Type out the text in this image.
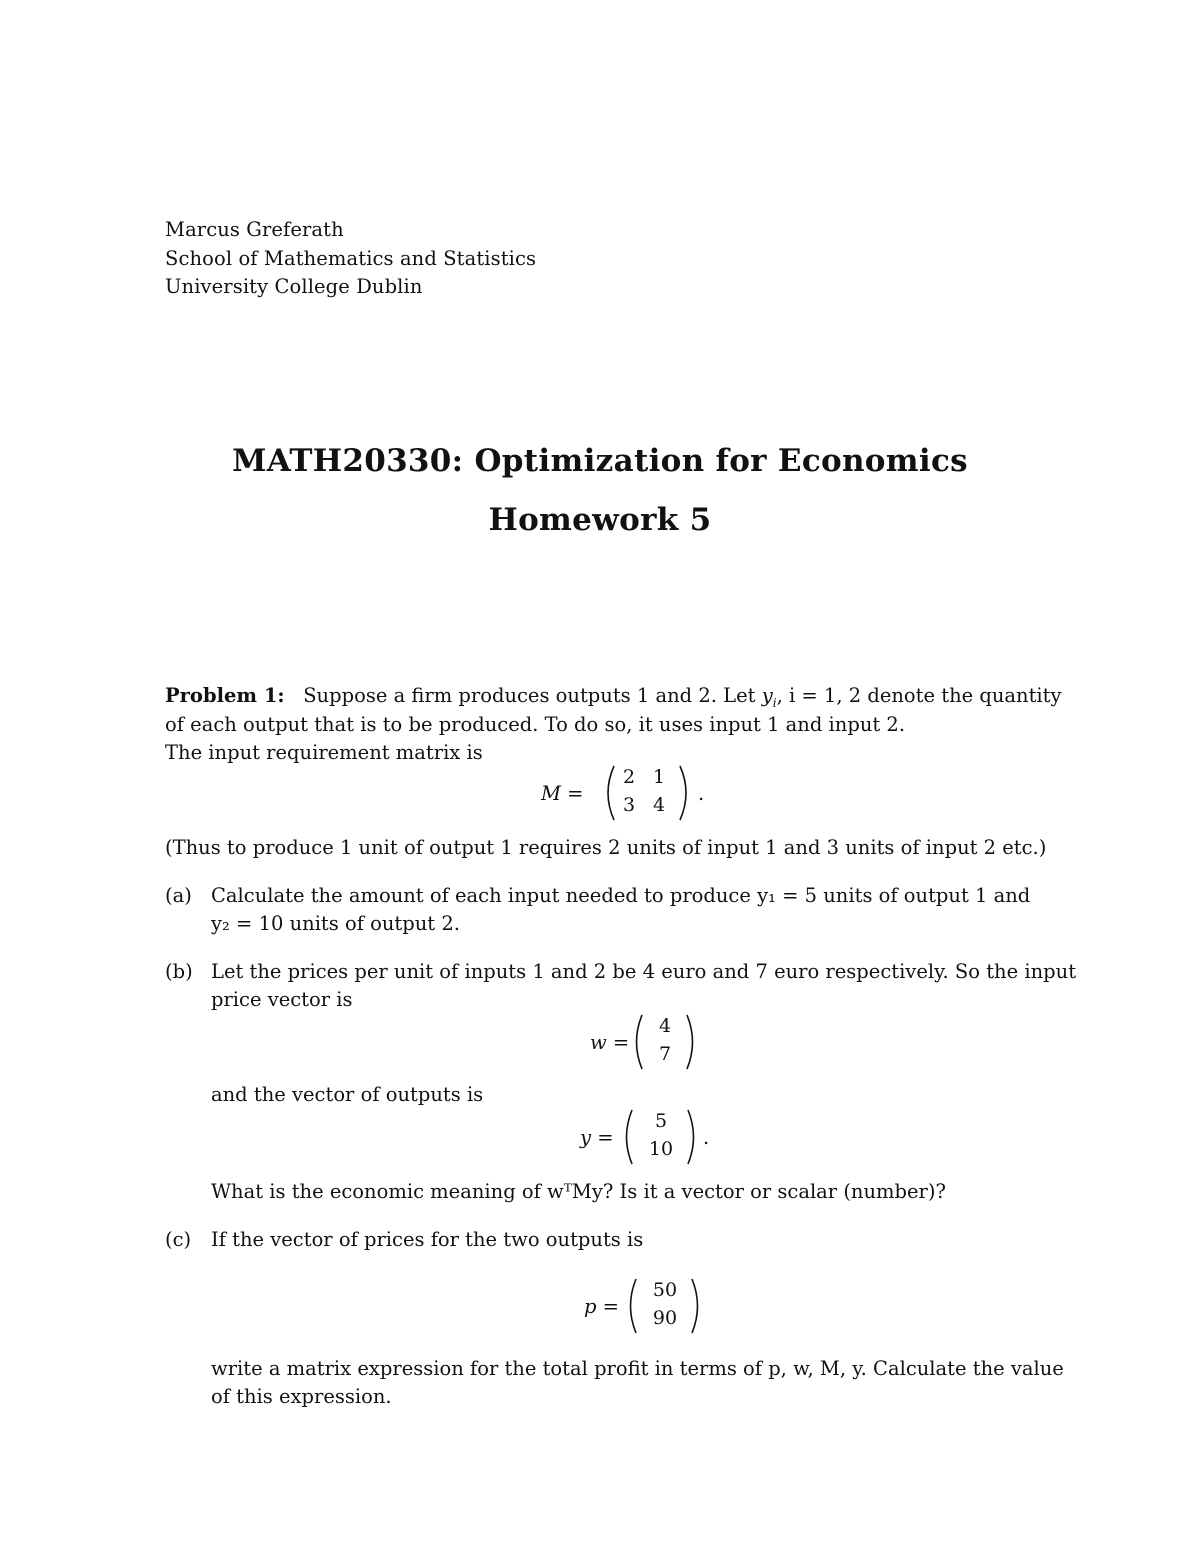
Marcus Greferath
School of Mathematics and Statistics
University College Dublin
MATH20330: Optimization for Economics
Homework 5
Problem 1: Suppose a firm produces outputs 1 and 2. Let $y_i$, i = 1, 2 denote the quantity
of each output that is to be produced. To do so, it uses input 1 and input 2.
The input requirement matrix is
M =
2 1
3 4 .
(Thus to produce 1 unit of output 1 requires 2 units of input 1 and 3 units of input 2 etc.)
(a) Calculate the amount of each input needed to produce y₁ = 5 units of output 1 and
y₂ = 10 units of output 2.
(b) Let the prices per unit of inputs 1 and 2 be 4 euro and 7 euro respectively. So the input
price vector is
w =
4
7
and the vector of outputs is
y =
5
10	.
What is the economic meaning of wᵀMy? Is it a vector or scalar (number)?
(c) If the vector of prices for the two outputs is
p =
50
90
write a matrix expression for the total profit in terms of p, w, M, y. Calculate the value
of this expression.
